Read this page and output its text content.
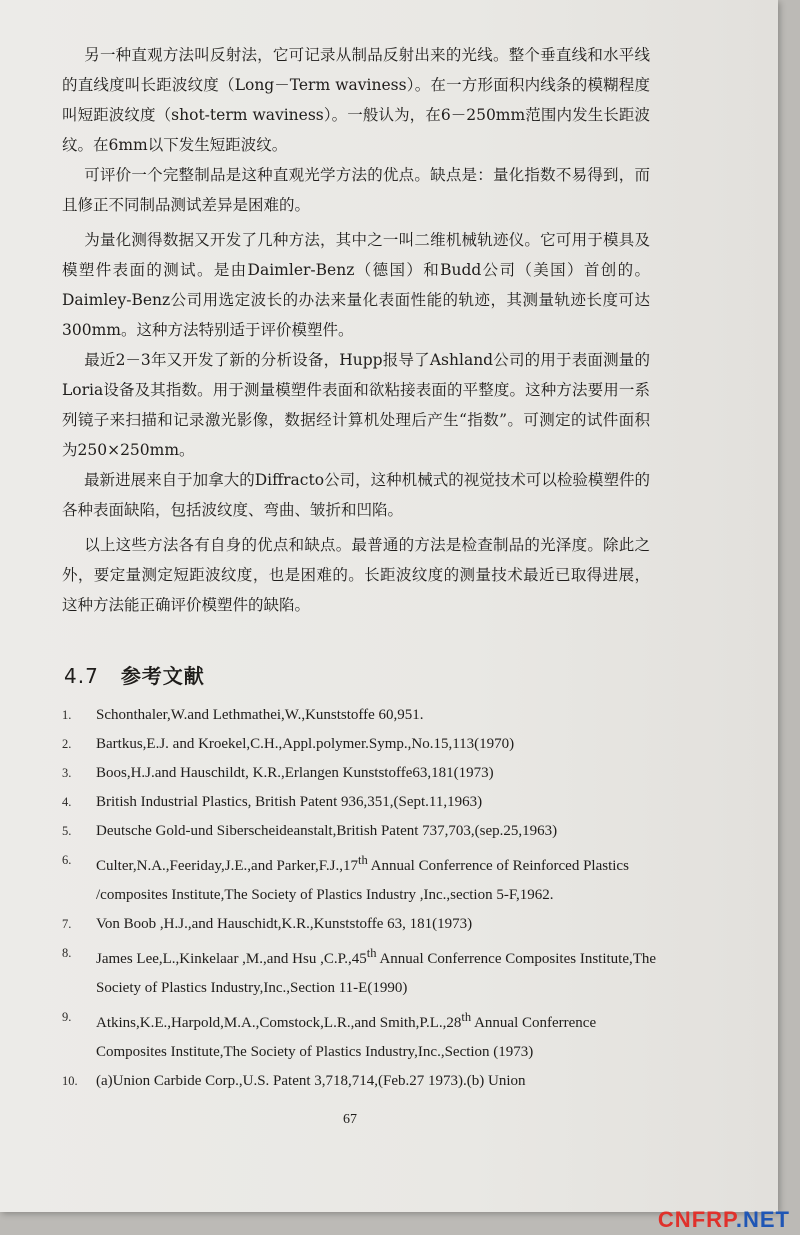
另一种直观方法叫反射法，它可记录从制品反射出来的光线。整个垂直线和水平线的直线度叫长距波纹度（Long－Term waviness）。在一方形面积内线条的模糊程度叫短距波纹度（shot-term waviness）。一般认为，在6－250mm范围内发生长距波纹。在6mm以下发生短距波纹。

可评价一个完整制品是这种直观光学方法的优点。缺点是：量化指数不易得到，而且修正不同制品测试差异是困难的。

为量化测得数据又开发了几种方法，其中之一叫二维机械轨迹仪。它可用于模具及模塑件表面的测试。是由Daimler-Benz（德国）和Budd公司（美国）首创的。Daimley-Benz公司用选定波长的办法来量化表面性能的轨迹，其测量轨迹长度可达300mm。这种方法特别适于评价模塑件。

最近2－3年又开发了新的分析设备，Hupp报导了Ashland公司的用于表面测量的Loria设备及其指数。用于测量模塑件表面和欲粘接表面的平整度。这种方法要用一系列镜子来扫描和记录激光影像，数据经计算机处理后产生“指数”。可测定的试件面积为250×250mm。

最新进展来自于加拿大的Diffracto公司，这种机械式的视觉技术可以检验模塑件的各种表面缺陷，包括波纹度、弯曲、皱折和凹陷。

以上这些方法各有自身的优点和缺点。最普通的方法是检查制品的光泽度。除此之外，要定量测定短距波纹度，也是困难的。长距波纹度的测量技术最近已取得进展，这种方法能正确评价模塑件的缺陷。

4.7 参考文献
1. Schonthaler,W.and Lethmathei,W.,Kunststoffe 60,951.
2. Bartkus,E.J. and Kroekel,C.H.,Appl.polymer.Symp.,No.15,113(1970)
3. Boos,H.J.and Hauschildt, K.R.,Erlangen Kunststoffe63,181(1973)
4. British Industrial Plastics, British Patent 936,351,(Sept.11,1963)
5. Deutsche Gold-und Siberscheideanstalt,British Patent 737,703,(sep.25,1963)
6. Culter,N.A.,Feeriday,J.E.,and Parker,F.J.,17th Annual Conferrence of Reinforced Plastics /composites Institute,The Society of Plastics Industry ,Inc.,section 5-F,1962.
7. Von Boob ,H.J.,and Hauschidt,K.R.,Kunststoffe 63, 181(1973)
8. James Lee,L.,Kinkelaar ,M.,and Hsu ,C.P.,45th Annual Conferrence Composites Institute,The Society of Plastics Industry,Inc.,Section 11-E(1990)
9. Atkins,K.E.,Harpold,M.A.,Comstock,L.R.,and Smith,P.L.,28th Annual Conferrence Composites Institute,The Society of Plastics Industry,Inc.,Section (1973)
10. (a)Union Carbide Corp.,U.S. Patent 3,718,714,(Feb.27 1973).(b) Union

67

CNFRP.NET
